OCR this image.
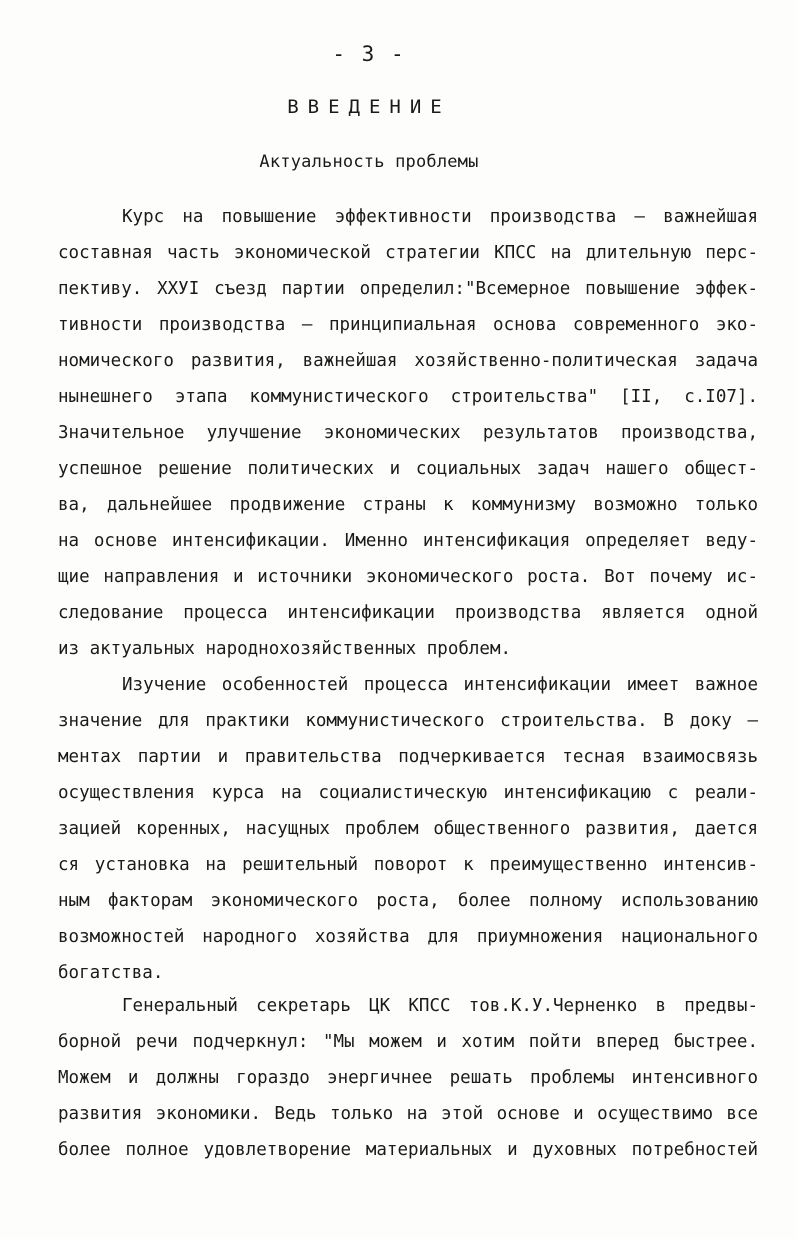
- 3 -
ВВЕДЕНИЕ
Актуальность проблемы
Курс на повышение эффективности производства – важнейшая
составная часть экономической стратегии КПСС на длительную перс-
пективу. ХХУI съезд партии определил:"Всемерное повышение эффек-
тивности производства – принципиальная основа современного эко-
номического развития, важнейшая хозяйственно-политическая задача
нынешнего этапа коммунистического строительства" [II, с.I07].
Значительное улучшение экономических результатов производства,
успешное решение политических и социальных задач нашего общест-
ва, дальнейшее продвижение страны к коммунизму возможно только
на основе интенсификации. Именно интенсификация определяет веду-
щие направления и источники экономического роста. Вот почему ис-
следование процесса интенсификации производства является одной
из актуальных народнохозяйственных проблем.
Изучение особенностей процесса интенсификации имеет важное
значение для практики коммунистического строительства. В доку –
ментах партии и правительства подчеркивается тесная взаимосвязь
осуществления курса на социалистическую интенсификацию с реали-
зацией коренных, насущных проблем общественного развития, дается
ся установка на решительный поворот к преимущественно интенсив-
ным факторам экономического роста, более полному использованию
возможностей народного хозяйства для приумножения национального
богатства.
Генеральный секретарь ЦК КПСС тов.К.У.Черненко в предвы-
борной речи подчеркнул: "Мы можем и хотим пойти вперед быстрее.
Можем и должны гораздо энергичнее решать проблемы интенсивного
развития экономики. Ведь только на этой основе и осуществимо все
более полное удовлетворение материальных и духовных потребностей
